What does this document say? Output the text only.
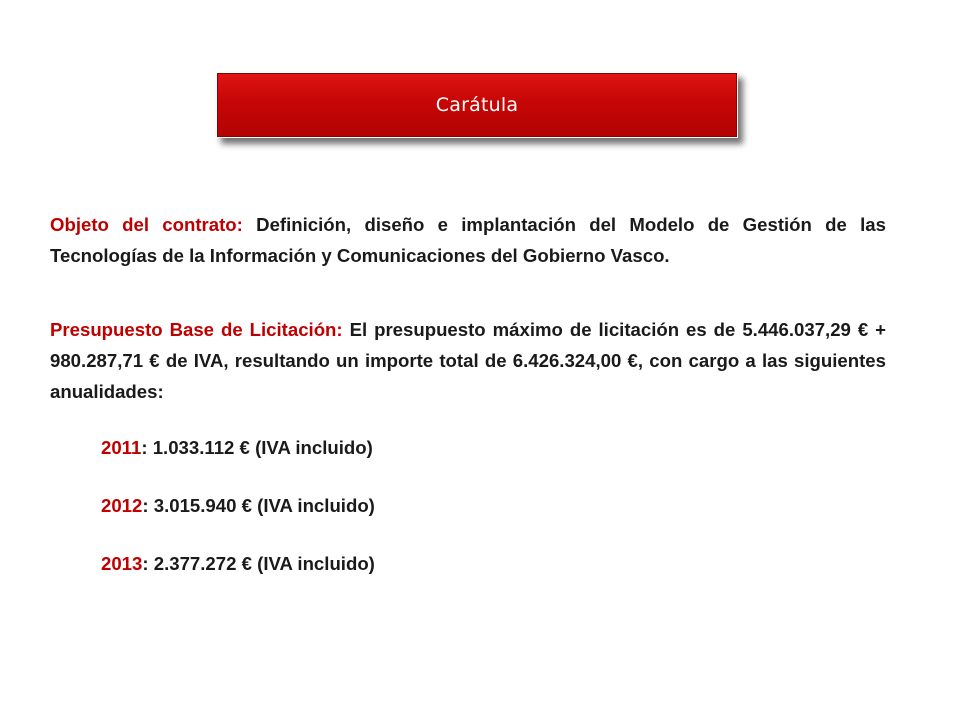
Carátula
Objeto del contrato: Definición, diseño e implantación del Modelo de Gestión de las Tecnologías de la Información y Comunicaciones del Gobierno Vasco.
Presupuesto Base de Licitación: El presupuesto máximo de licitación es de 5.446.037,29 € + 980.287,71 € de IVA, resultando un importe total de 6.426.324,00 €, con cargo a las siguientes anualidades:
2011: 1.033.112 € (IVA incluido)
2012: 3.015.940 € (IVA incluido)
2013: 2.377.272 € (IVA incluido)
